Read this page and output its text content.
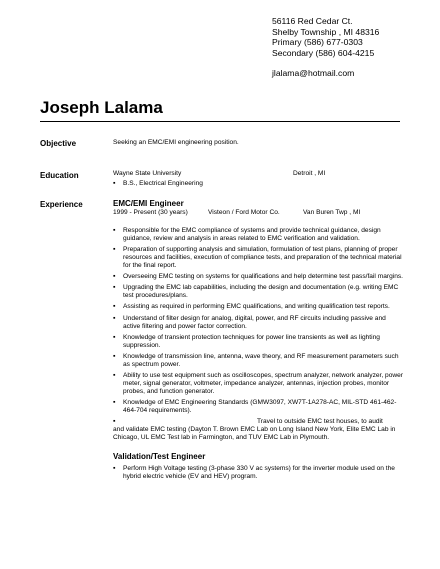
56116 Red Cedar Ct.
Shelby Township , MI 48316
Primary (586) 677-0303
Secondary (586) 604-4215
jlalama@hotmail.com
Joseph Lalama
Objective	Seeking an EMC/EMI engineering position.
Education	Wayne State University	Detroit , MI
▪ B.S., Electrical Engineering
Experience	EMC/EMI Engineer
1999 - Present (30 years)	Visteon / Ford Motor Co.	Van Buren Twp , MI
▪ Responsible for the EMC compliance of systems and provide technical guidance, design guidance, review and analysis in areas related to EMC verification and validation.
▪ Preparation of supporting analysis and simulation, formulation of test plans, planning of proper resources and facilities, execution of compliance tests, and preparation of the technical material for the final report.
▪ Overseeing EMC testing on systems for qualifications and help determine test pass/fail margins.
▪ Upgrading the EMC lab capabilities, including the design and documentation (e.g. writing EMC test procedures/plans.
▪ Assisting as required in performing EMC qualifications, and writing qualification test reports.
▪ Understand of filter design for analog, digital, power, and RF circuits including passive and active filtering and power factor correction.
▪ Knowledge of transient protection techniques for power line transients as well as lighting suppression.
▪ Knowledge of transmission line, antenna, wave theory, and RF measurement parameters such as spectrum power.
▪ Ability to use test equipment such as oscilloscopes, spectrum analyzer, network analyzer, power meter, signal generator, voltmeter, impedance analyzer, antennas, injection probes, monitor probes, and function generator.
▪ Knowledge of EMC Engineering Standards (GMW3097, XW7T-1A278-AC, MIL-STD 461-462-464-704 requirements).
▪ Travel to outside EMC test houses, to audit
and validate EMC testing (Dayton T. Brown EMC Lab on Long Island New York, Elite EMC Lab in Chicago, UL EMC Test lab in Farmington, and TUV EMC Lab in Plymouth.
Validation/Test Engineer
▪ Perform High Voltage testing (3-phase 330 V ac systems) for the inverter module used on the hybrid electric vehicle (EV and HEV) program.
